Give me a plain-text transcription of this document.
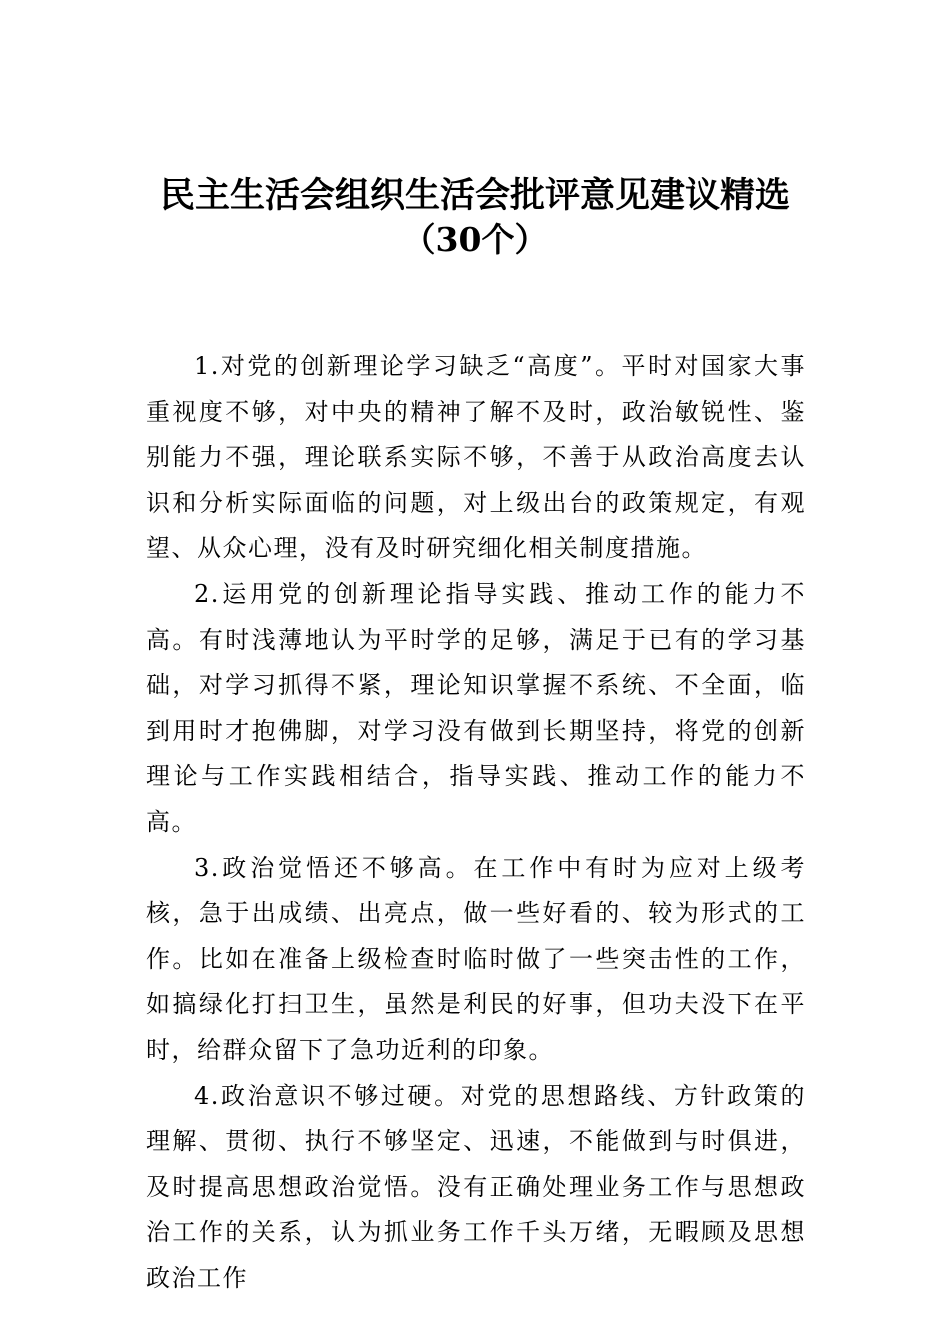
民主生活会组织生活会批评意见建议精选
（30个）

1.对党的创新理论学习缺乏“高度”。平时对国家大事重视度不够，对中央的精神了解不及时，政治敏锐性、鉴别能力不强，理论联系实际不够，不善于从政治高度去认识和分析实际面临的问题，对上级出台的政策规定，有观望、从众心理，没有及时研究细化相关制度措施。

2.运用党的创新理论指导实践、推动工作的能力不高。有时浅薄地认为平时学的足够，满足于已有的学习基础，对学习抓得不紧，理论知识掌握不系统、不全面，临到用时才抱佛脚，对学习没有做到长期坚持，将党的创新理论与工作实践相结合，指导实践、推动工作的能力不高。

3.政治觉悟还不够高。在工作中有时为应对上级考核，急于出成绩、出亮点，做一些好看的、较为形式的工作。比如在准备上级检查时临时做了一些突击性的工作，如搞绿化打扫卫生，虽然是利民的好事，但功夫没下在平时，给群众留下了急功近利的印象。

4.政治意识不够过硬。对党的思想路线、方针政策的理解、贯彻、执行不够坚定、迅速，不能做到与时俱进，及时提高思想政治觉悟。没有正确处理业务工作与思想政治工作的关系，认为抓业务工作千头万绪，无暇顾及思想政治工作
